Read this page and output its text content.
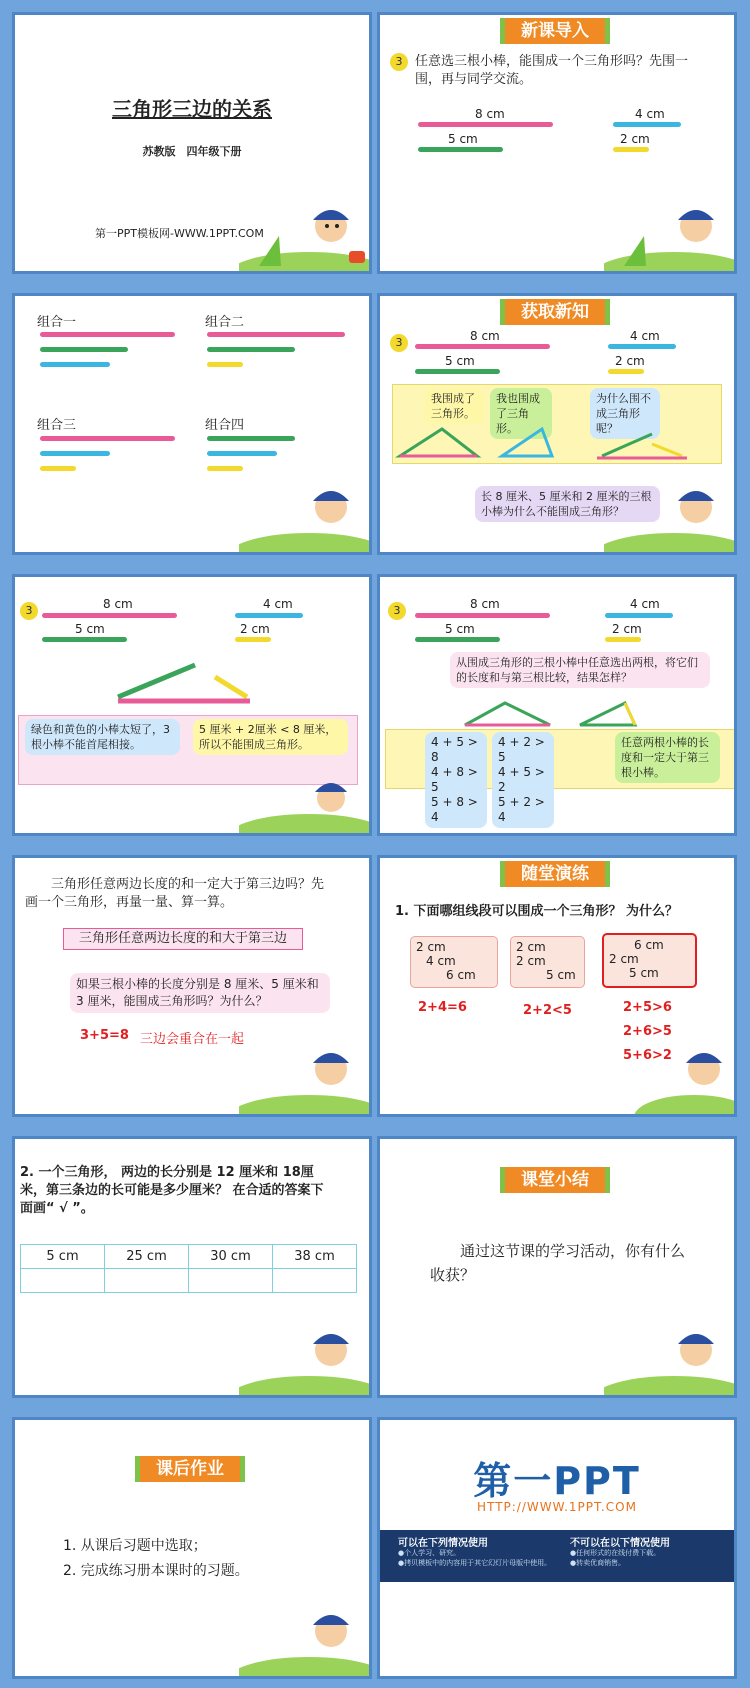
三角形三边的关系
苏教版　四年级下册
第一PPT模板网-WWW.1PPT.COM
新课导入
3 任意选三根小棒，能围成一个三角形吗？先围一围，再与同学交流。
8 cm	4 cm
5 cm	2 cm
组合一	组合二
组合三	组合四
获取新知
3	8 cm	4 cm
5 cm	2 cm
我围成了三角形。
我也围成了三角形。
为什么围不成三角形呢？
长 8 厘米、5 厘米和 2 厘米的三根小棒为什么不能围成三角形？
3	8 cm	4 cm
5 cm	2 cm
绿色和黄色的小棒太短了，3 根小棒不能首尾相接。
5 厘米 + 2厘米 < 8 厘米，所以不能围成三角形。
3	8 cm	4 cm
5 cm	2 cm
从围成三角形的三根小棒中任意选出两根，将它们的长度和与第三根比较，结果怎样？
4 + 5 > 8
4 + 8 > 5
5 + 8 > 4
4 + 2 > 5
4 + 5 > 2
5 + 2 > 4
任意两根小棒的长度和一定大于第三根小棒。
三角形任意两边长度的和一定大于第三边吗？先画一个三角形，再量一量、算一算。
三角形任意两边长度的和大于第三边
如果三根小棒的长度分别是 8 厘米、5 厘米和 3 厘米，能围成三角形吗？为什么？
3+5=8 三边会重合在一起
随堂演练
1. 下面哪组线段可以围成一个三角形？ 为什么？
2 cm
4 cm
6 cm
2 cm
2 cm
5 cm
6 cm
2 cm
5 cm
2+4=6	2+2<5	2+5>6
2+6>5
5+6>2
2. 一个三角形， 两边的长分别是 12 厘米和 18厘米，第三条边的长可能是多少厘米？ 在合适的答案下面画“ √ ”。
5 cm	25 cm	30 cm	38 cm

课堂小结
通过这节课的学习活动，你有什么收获？
课后作业
1. 从课后习题中选取；
2. 完成练习册本课时的习题。
第一PPT
HTTP://WWW.1PPT.COM
可以在下列情况使用
●个人学习、研究。
●拷贝模板中的内容用于其它幻灯片母版中使用。
不可以在以下情况使用
●任何形式的在线付费下载。
●转卖优商销售。
